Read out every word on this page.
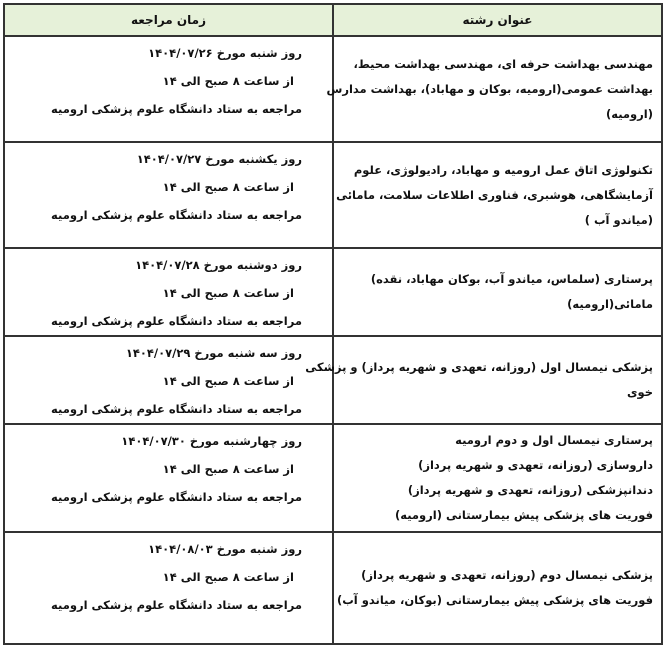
عنوان رشته	زمان مراجعه

مهندسی بهداشت حرفه ای، مهندسی بهداشت محیط،
بهداشت عمومی(ارومیه، بوکان و مهاباد)، بهداشت مدارس
(ارومیه)	روز شنبه مورخ ۱۴۰۴/۰۷/۲۶
از ساعت ۸ صبح الی ۱۴
مراجعه به ستاد دانشگاه علوم پزشکی ارومیه

تکنولوژی اتاق عمل ارومیه و مهاباد، رادیولوژی، علوم
آزمایشگاهی، هوشبری، فناوری اطلاعات سلامت، مامائی
(میاندو آب )	روز یکشنبه مورخ ۱۴۰۴/۰۷/۲۷
از ساعت ۸ صبح الی ۱۴
مراجعه به ستاد دانشگاه علوم پزشکی ارومیه

پرستاری (سلماس، میاندو آب، بوکان مهاباد، نقده)
مامائی(ارومیه)	روز دوشنبه مورخ ۱۴۰۴/۰۷/۲۸
از ساعت ۸ صبح الی ۱۴
مراجعه به ستاد دانشگاه علوم پزشکی ارومیه

پزشکی نیمسال اول (روزانه، تعهدی و شهریه پرداز) و پزشکی
خوی	روز سه شنبه مورخ ۱۴۰۴/۰۷/۲۹
از ساعت ۸ صبح الی ۱۴
مراجعه به ستاد دانشگاه علوم پزشکی ارومیه

پرستاری نیمسال اول و دوم ارومیه
داروسازی (روزانه، تعهدی و شهریه پرداز)
دندانپزشکی (روزانه، تعهدی و شهریه پرداز)
فوریت های پزشکی پیش بیمارستانی (ارومیه)	روز چهارشنبه مورخ ۱۴۰۴/۰۷/۳۰
از ساعت ۸ صبح الی ۱۴
مراجعه به ستاد دانشگاه علوم پزشکی ارومیه

پزشکی نیمسال دوم (روزانه، تعهدی و شهریه پرداز)
فوریت های پزشکی پیش بیمارستانی (بوکان، میاندو آب)	روز شنبه مورخ ۱۴۰۴/۰۸/۰۳
از ساعت ۸ صبح الی ۱۴
مراجعه به ستاد دانشگاه علوم پزشکی ارومیه
